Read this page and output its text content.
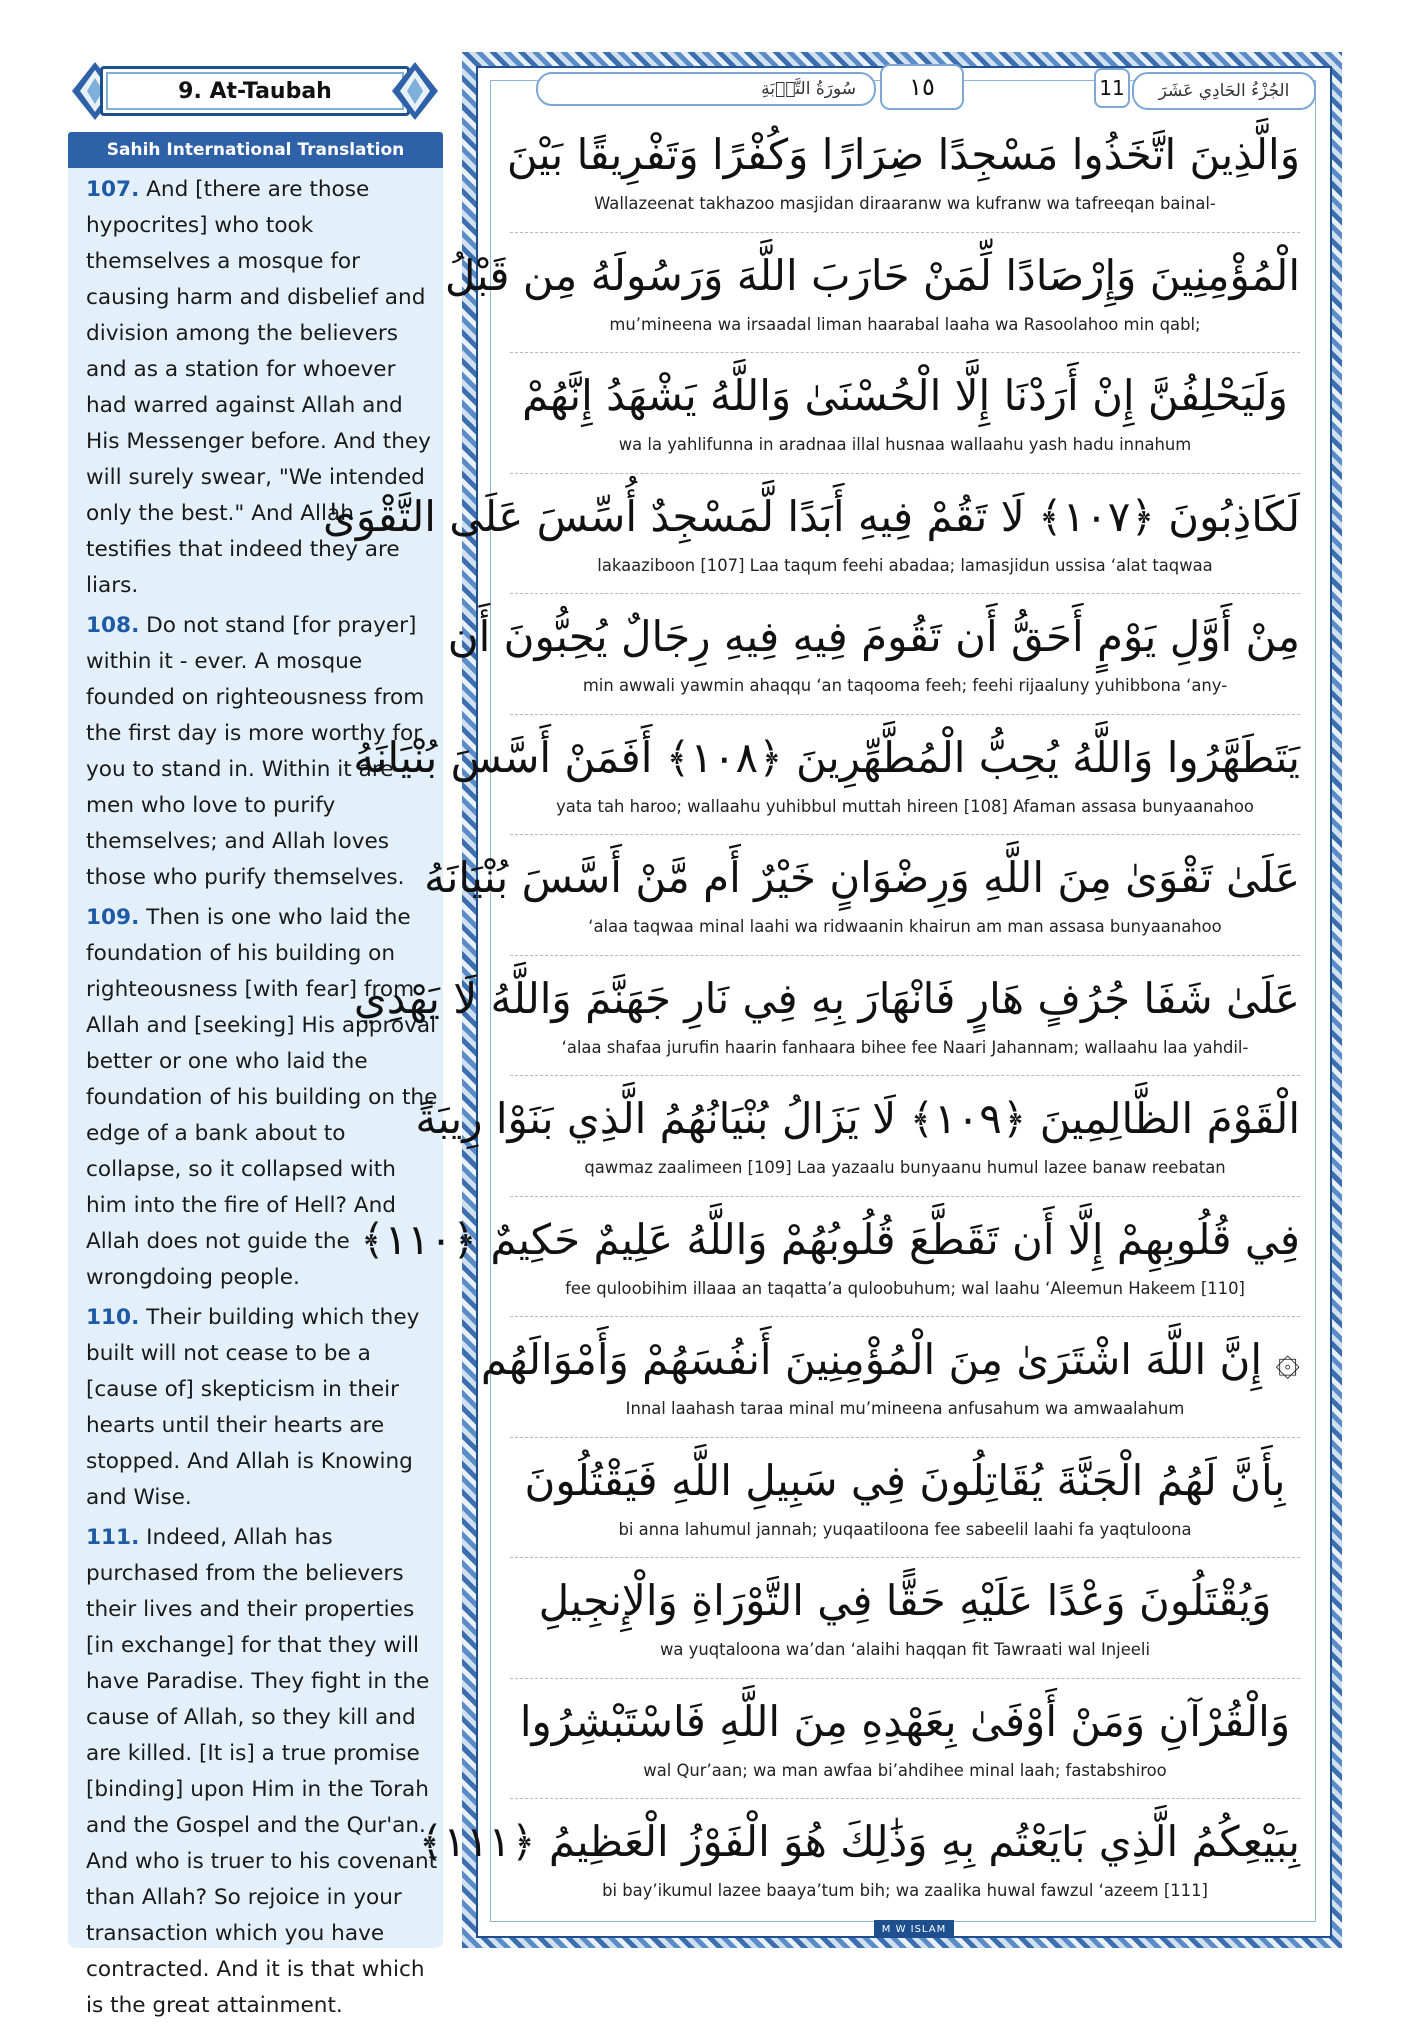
9. At-Taubah
Sahih International Translation

107. And [there are those hypocrites] who took themselves a mosque for causing harm and disbelief and division among the believers and as a station for whoever had warred against Allah and His Messenger before. And they will surely swear, "We intended only the best." And Allah testifies that indeed they are liars.

108. Do not stand [for prayer] within it - ever. A mosque founded on righteousness from the first day is more worthy for you to stand in. Within it are men who love to purify themselves; and Allah loves those who purify themselves.

109. Then is one who laid the foundation of his building on righteousness [with fear] from Allah and [seeking] His approval better or one who laid the foundation of his building on the edge of a bank about to collapse, so it collapsed with him into the fire of Hell? And Allah does not guide the wrongdoing people.

110. Their building which they built will not cease to be a [cause of] skepticism in their hearts until their hearts are stopped. And Allah is Knowing and Wise.

111. Indeed, Allah has purchased from the believers their lives and their properties [in exchange] for that they will have Paradise. They fight in the cause of Allah, so they kill and are killed. [It is] a true promise [binding] upon Him in the Torah and the Gospel and the Qur'an. And who is truer to his covenant than Allah? So rejoice in your transaction which you have contracted. And it is that which is the great attainment.

سُورَةُ التَّوۡبَةِ	١٥	11	الجُزْءُ الحَادِي عَشَرَ
وَالَّذِينَ اتَّخَذُوا مَسْجِدًا ضِرَارًا وَكُفْرًا وَتَفْرِيقًا بَيْنَ
Wallazeenat takhazoo masjidan diraaranw wa kufranw wa tafreeqan bainal-
الْمُؤْمِنِينَ وَإِرْصَادًا لِّمَنْ حَارَبَ اللَّهَ وَرَسُولَهُ مِن قَبْلُ
mu’mineena wa irsaadal liman haarabal laaha wa Rasoolahoo min qabl;
وَلَيَحْلِفُنَّ إِنْ أَرَدْنَا إِلَّا الْحُسْنَىٰ وَاللَّهُ يَشْهَدُ إِنَّهُمْ
wa la yahlifunna in aradnaa illal husnaa wallaahu yash hadu innahum
لَكَاذِبُونَ ﴿١٠٧﴾ لَا تَقُمْ فِيهِ أَبَدًا لَّمَسْجِدٌ أُسِّسَ عَلَى التَّقْوَىٰ
lakaaziboon [107] Laa taqum feehi abadaa; lamasjidun ussisa ‘alat taqwaa
مِنْ أَوَّلِ يَوْمٍ أَحَقُّ أَن تَقُومَ فِيهِ فِيهِ رِجَالٌ يُحِبُّونَ أَن
min awwali yawmin ahaqqu ‘an taqooma feeh; feehi rijaaluny yuhibbona ‘any-
يَتَطَهَّرُوا وَاللَّهُ يُحِبُّ الْمُطَّهِّرِينَ ﴿١٠٨﴾ أَفَمَنْ أَسَّسَ بُنْيَانَهُ
yata tah haroo; wallaahu yuhibbul muttah hireen [108] Afaman assasa bunyaanahoo
عَلَىٰ تَقْوَىٰ مِنَ اللَّهِ وَرِضْوَانٍ خَيْرٌ أَم مَّنْ أَسَّسَ بُنْيَانَهُ
‘alaa taqwaa minal laahi wa ridwaanin khairun am man assasa bunyaanahoo
عَلَىٰ شَفَا جُرُفٍ هَارٍ فَانْهَارَ بِهِ فِي نَارِ جَهَنَّمَ وَاللَّهُ لَا يَهْدِي
‘alaa shafaa jurufin haarin fanhaara bihee fee Naari Jahannam; wallaahu laa yahdil-
الْقَوْمَ الظَّالِمِينَ ﴿١٠٩﴾ لَا يَزَالُ بُنْيَانُهُمُ الَّذِي بَنَوْا رِيبَةً
qawmaz zaalimeen [109] Laa yazaalu bunyaanu humul lazee banaw reebatan
فِي قُلُوبِهِمْ إِلَّا أَن تَقَطَّعَ قُلُوبُهُمْ وَاللَّهُ عَلِيمٌ حَكِيمٌ ﴿١١٠﴾
fee quloobihim illaaa an taqatta’a quloobuhum; wal laahu ‘Aleemun Hakeem [110]
۞ إِنَّ اللَّهَ اشْتَرَىٰ مِنَ الْمُؤْمِنِينَ أَنفُسَهُمْ وَأَمْوَالَهُم
Innal laahash taraa minal mu’mineena anfusahum wa amwaalahum
بِأَنَّ لَهُمُ الْجَنَّةَ يُقَاتِلُونَ فِي سَبِيلِ اللَّهِ فَيَقْتُلُونَ
bi anna lahumul jannah; yuqaatiloona fee sabeelil laahi fa yaqtuloona
وَيُقْتَلُونَ وَعْدًا عَلَيْهِ حَقًّا فِي التَّوْرَاةِ وَالْإِنجِيلِ
wa yuqtaloona wa’dan ‘alaihi haqqan fit Tawraati wal Injeeli
وَالْقُرْآنِ وَمَنْ أَوْفَىٰ بِعَهْدِهِ مِنَ اللَّهِ فَاسْتَبْشِرُوا
wal Qur’aan; wa man awfaa bi’ahdihee minal laah; fastabshiroo
بِبَيْعِكُمُ الَّذِي بَايَعْتُم بِهِ وَذَٰلِكَ هُوَ الْفَوْزُ الْعَظِيمُ ﴿١١١﴾
bi bay’ikumul lazee baaya’tum bih; wa zaalika huwal fawzul ‘azeem [111]
M W ISLAM
